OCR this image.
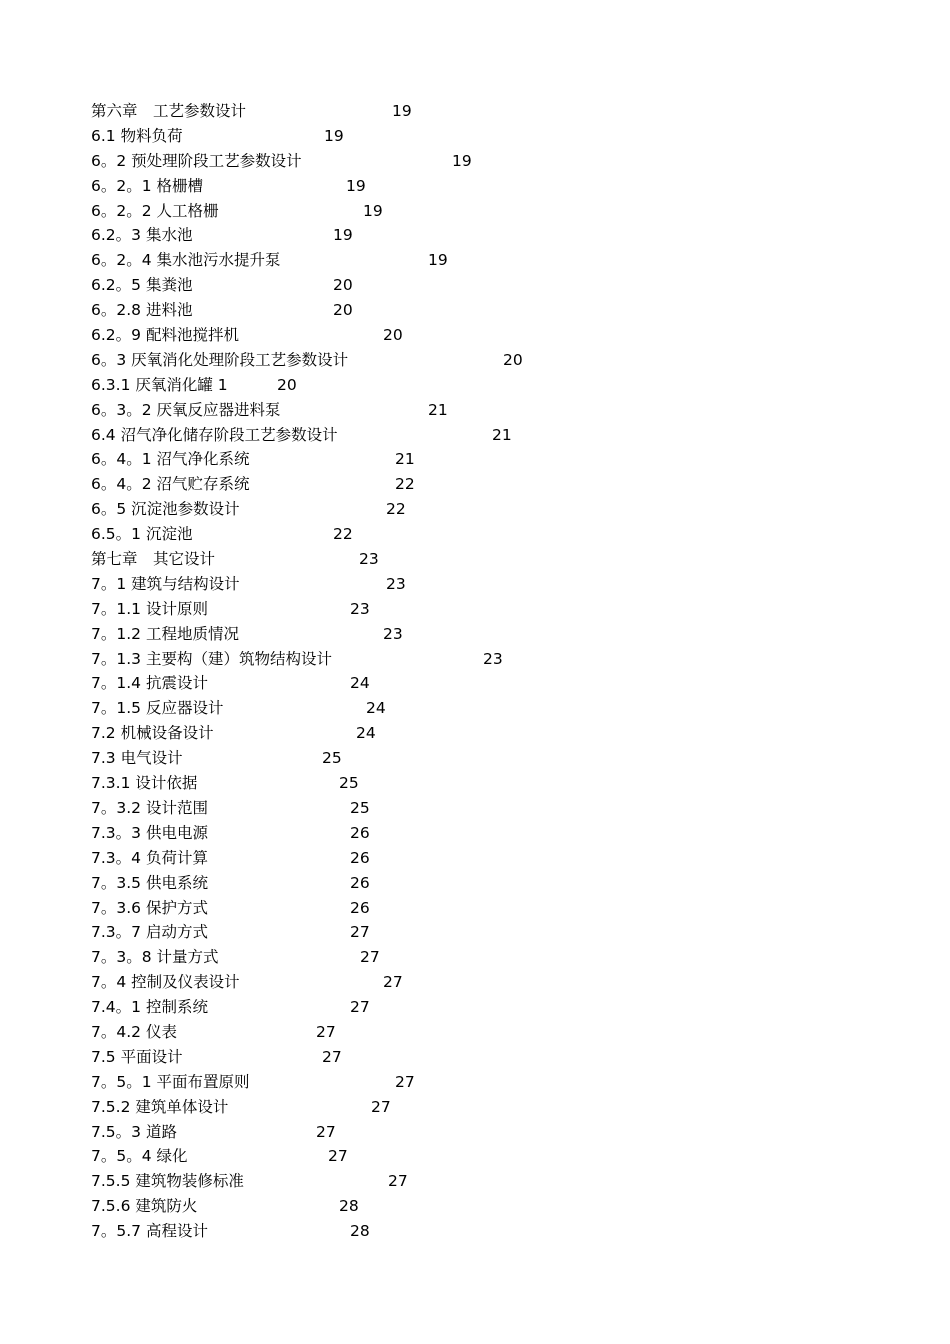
第六章　工艺参数设计	19
6.1 物料负荷	19
6。2 预处理阶段工艺参数设计	19
6。2。1 格栅槽	19
6。2。2 人工格栅	19
6.2。3 集水池	19
6。2。4 集水池污水提升泵	19
6.2。5 集粪池	20
6。2.8 进料池	20
6.2。9 配料池搅拌机	20
6。3 厌氧消化处理阶段工艺参数设计	20
6.3.1 厌氧消化罐 1	20
6。3。2 厌氧反应器进料泵	21
6.4 沼气净化储存阶段工艺参数设计	21
6。4。1 沼气净化系统	21
6。4。2 沼气贮存系统	22
6。5 沉淀池参数设计	22
6.5。1 沉淀池	22
第七章　其它设计	23
7。1 建筑与结构设计	23
7。1.1 设计原则	23
7。1.2 工程地质情况	23
7。1.3 主要构（建）筑物结构设计	23
7。1.4 抗震设计	24
7。1.5 反应器设计	24
7.2 机械设备设计	24
7.3 电气设计	25
7.3.1 设计依据	25
7。3.2 设计范围	25
7.3。3 供电电源	26
7.3。4 负荷计算	26
7。3.5 供电系统	26
7。3.6 保护方式	26
7.3。7 启动方式	27
7。3。8 计量方式	27
7。4 控制及仪表设计	27
7.4。1 控制系统	27
7。4.2 仪表	27
7.5 平面设计	27
7。5。1 平面布置原则	27
7.5.2 建筑单体设计	27
7.5。3 道路	27
7。5。4 绿化	27
7.5.5 建筑物装修标准	27
7.5.6 建筑防火	28
7。5.7 高程设计	28
